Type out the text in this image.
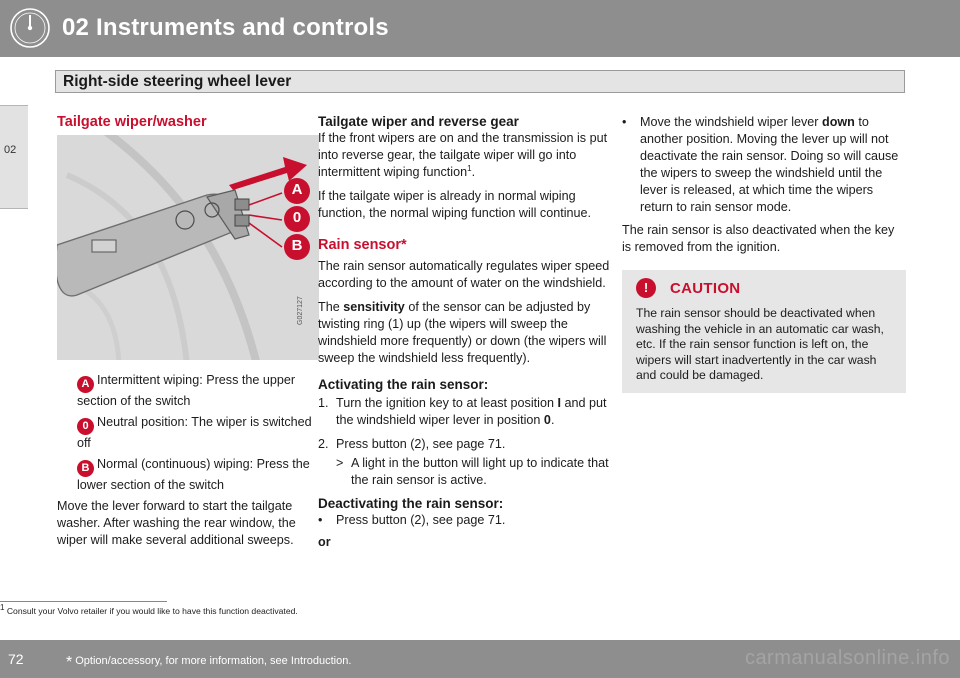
02 Instruments and controls
Right-side steering wheel lever
02
Tailgate wiper/washer
A
0
B
G027127
A Intermittent wiping: Press the upper section of the switch
0 Neutral position: The wiper is switched off
B Normal (continuous) wiping: Press the lower section of the switch

Move the lever forward to start the tailgate washer. After washing the rear window, the wiper will make several additional sweeps.

Tailgate wiper and reverse gear

If the front wipers are on and the transmission is put into reverse gear, the tailgate wiper will go into intermittent wiping function$^1$.

If the tailgate wiper is already in normal wiping function, the normal wiping function will continue.

Rain sensor*

The rain sensor automatically regulates wiper speed according to the amount of water on the windshield.

The sensitivity of the sensor can be adjusted by twisting ring (1) up (the wipers will sweep the windshield more frequently) or down (the wipers will sweep the windshield less frequently).

Activating the rain sensor:
1. Turn the ignition key to at least position I and put the windshield wiper lever in position 0.

2. Press button (2), see page 71.

> A light in the button will light up to indicate that the rain sensor is active.

Deactivating the rain sensor:
•	Press button (2), see page 71.

or

•	Move the windshield wiper lever down to another position. Moving the lever up will not deactivate the rain sensor. Doing so will cause the wipers to sweep the windshield until the lever is released, at which time the wipers return to rain sensor mode.

The rain sensor is also deactivated when the key is removed from the ignition.

!	CAUTION

The rain sensor should be deactivated when washing the vehicle in an automatic car wash, etc. If the rain sensor function is left on, the wipers will start inadvertently in the car wash and could be damaged.

$^1$ Consult your Volvo retailer if you would like to have this function deactivated.
72	* Option/accessory, for more information, see Introduction.	carmanualsonline.info
